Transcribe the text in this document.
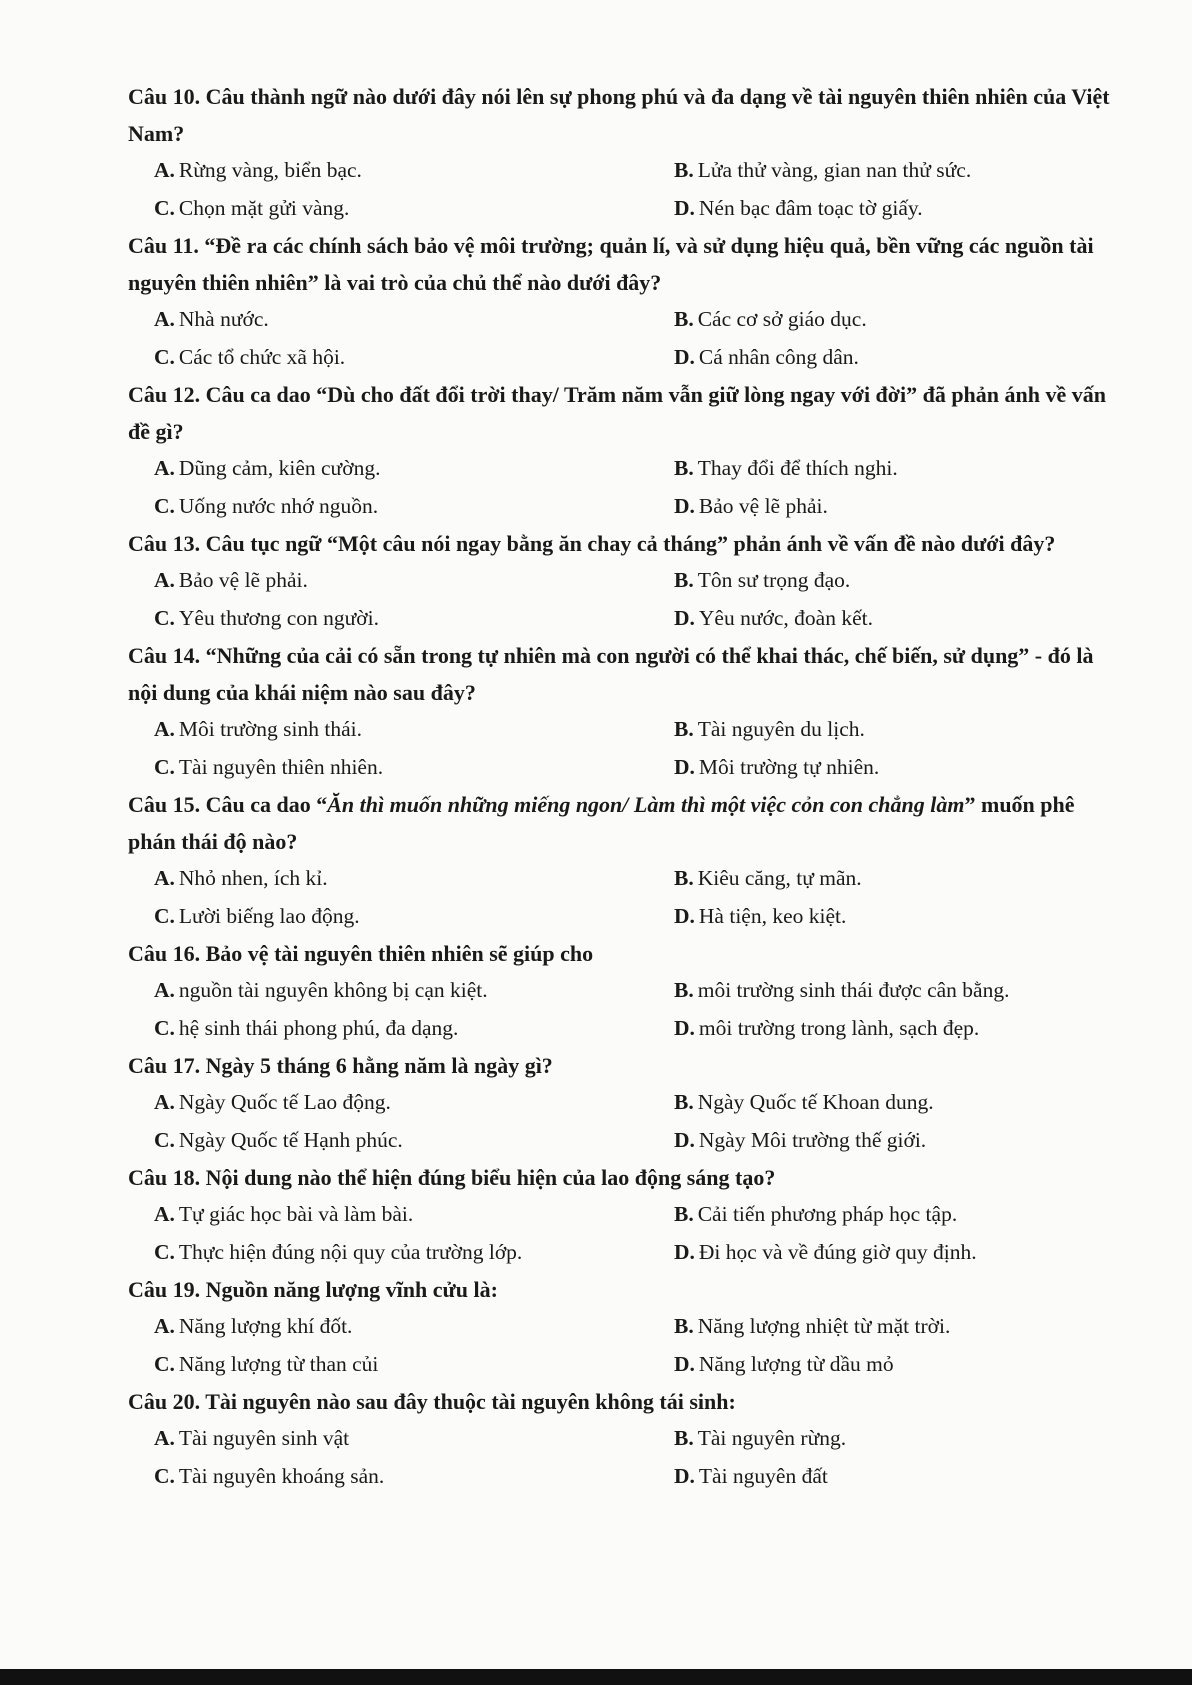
Câu 10. Câu thành ngữ nào dưới đây nói lên sự phong phú và đa dạng về tài nguyên thiên nhiên của Việt Nam?

A. Rừng vàng, biển bạc.	B. Lửa thử vàng, gian nan thử sức.
C. Chọn mặt gửi vàng.	D. Nén bạc đâm toạc tờ giấy.

Câu 11. “Đề ra các chính sách bảo vệ môi trường; quản lí, và sử dụng hiệu quả, bền vững các nguồn tài nguyên thiên nhiên” là vai trò của chủ thể nào dưới đây?

A. Nhà nước.	B. Các cơ sở giáo dục.
C. Các tổ chức xã hội.	D. Cá nhân công dân.

Câu 12. Câu ca dao “Dù cho đất đổi trời thay/ Trăm năm vẫn giữ lòng ngay với đời” đã phản ánh về vấn đề gì?

A. Dũng cảm, kiên cường.	B. Thay đổi để thích nghi.
C. Uống nước nhớ nguồn.	D. Bảo vệ lẽ phải.

Câu 13. Câu tục ngữ “Một câu nói ngay bằng ăn chay cả tháng” phản ánh về vấn đề nào dưới đây?

A. Bảo vệ lẽ phải.	B. Tôn sư trọng đạo.
C. Yêu thương con người.	D. Yêu nước, đoàn kết.

Câu 14. “Những của cải có sẵn trong tự nhiên mà con người có thể khai thác, chế biến, sử dụng” - đó là nội dung của khái niệm nào sau đây?

A. Môi trường sinh thái.	B. Tài nguyên du lịch.
C. Tài nguyên thiên nhiên.	D. Môi trường tự nhiên.

Câu 15. Câu ca dao “Ăn thì muốn những miếng ngon/ Làm thì một việc cỏn con chẳng làm” muốn phê phán thái độ nào?

A. Nhỏ nhen, ích kỉ.	B. Kiêu căng, tự mãn.
C. Lười biếng lao động.	D. Hà tiện, keo kiệt.

Câu 16. Bảo vệ tài nguyên thiên nhiên sẽ giúp cho

A. nguồn tài nguyên không bị cạn kiệt.	B. môi trường sinh thái được cân bằng.
C. hệ sinh thái phong phú, đa dạng.	D. môi trường trong lành, sạch đẹp.

Câu 17. Ngày 5 tháng 6 hằng năm là ngày gì?

A. Ngày Quốc tế Lao động.	B. Ngày Quốc tế Khoan dung.
C. Ngày Quốc tế Hạnh phúc.	D. Ngày Môi trường thế giới.

Câu 18. Nội dung nào thể hiện đúng biểu hiện của lao động sáng tạo?

A. Tự giác học bài và làm bài.	B. Cải tiến phương pháp học tập.
C. Thực hiện đúng nội quy của trường lớp.	D. Đi học và về đúng giờ quy định.

Câu 19. Nguồn năng lượng vĩnh cửu là:

A. Năng lượng khí đốt.	B. Năng lượng nhiệt từ mặt trời.
C. Năng lượng từ than củi	D. Năng lượng từ dầu mỏ

Câu 20. Tài nguyên nào sau đây thuộc tài nguyên không tái sinh:

A. Tài nguyên sinh vật	B. Tài nguyên rừng.
C. Tài nguyên khoáng sản.	D. Tài nguyên đất
